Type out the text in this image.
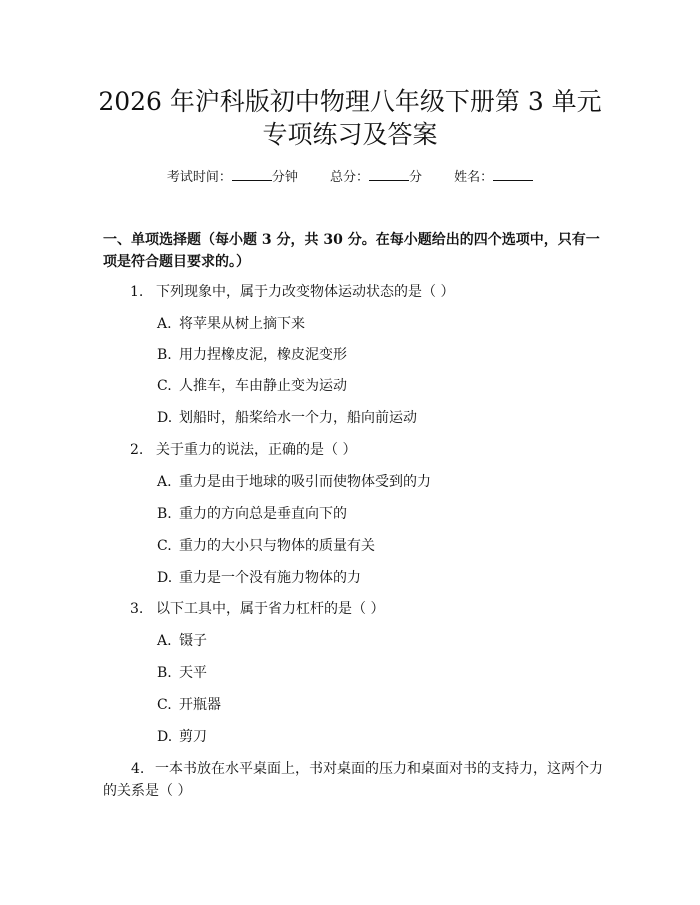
2026 年沪科版初中物理八年级下册第 3 单元
专项练习及答案
考试时间：	分钟 总分：	分 姓名：

一、单项选择题（每小题 3 分，共 30 分。在每小题给出的四个选项中，只有一项是符合题目要求的。）

1. 下列现象中，属于力改变物体运动状态的是（ ）

A. 将苹果从树上摘下来

B. 用力捏橡皮泥，橡皮泥变形

C. 人推车，车由静止变为运动

D. 划船时，船桨给水一个力，船向前运动

2. 关于重力的说法，正确的是（ ）

A. 重力是由于地球的吸引而使物体受到的力

B. 重力的方向总是垂直向下的

C. 重力的大小只与物体的质量有关

D. 重力是一个没有施力物体的力

3. 以下工具中，属于省力杠杆的是（ ）

A. 镊子

B. 天平

C. 开瓶器

D. 剪刀

4. 一本书放在水平桌面上，书对桌面的压力和桌面对书的支持力，这两个力的关系是（ ）
